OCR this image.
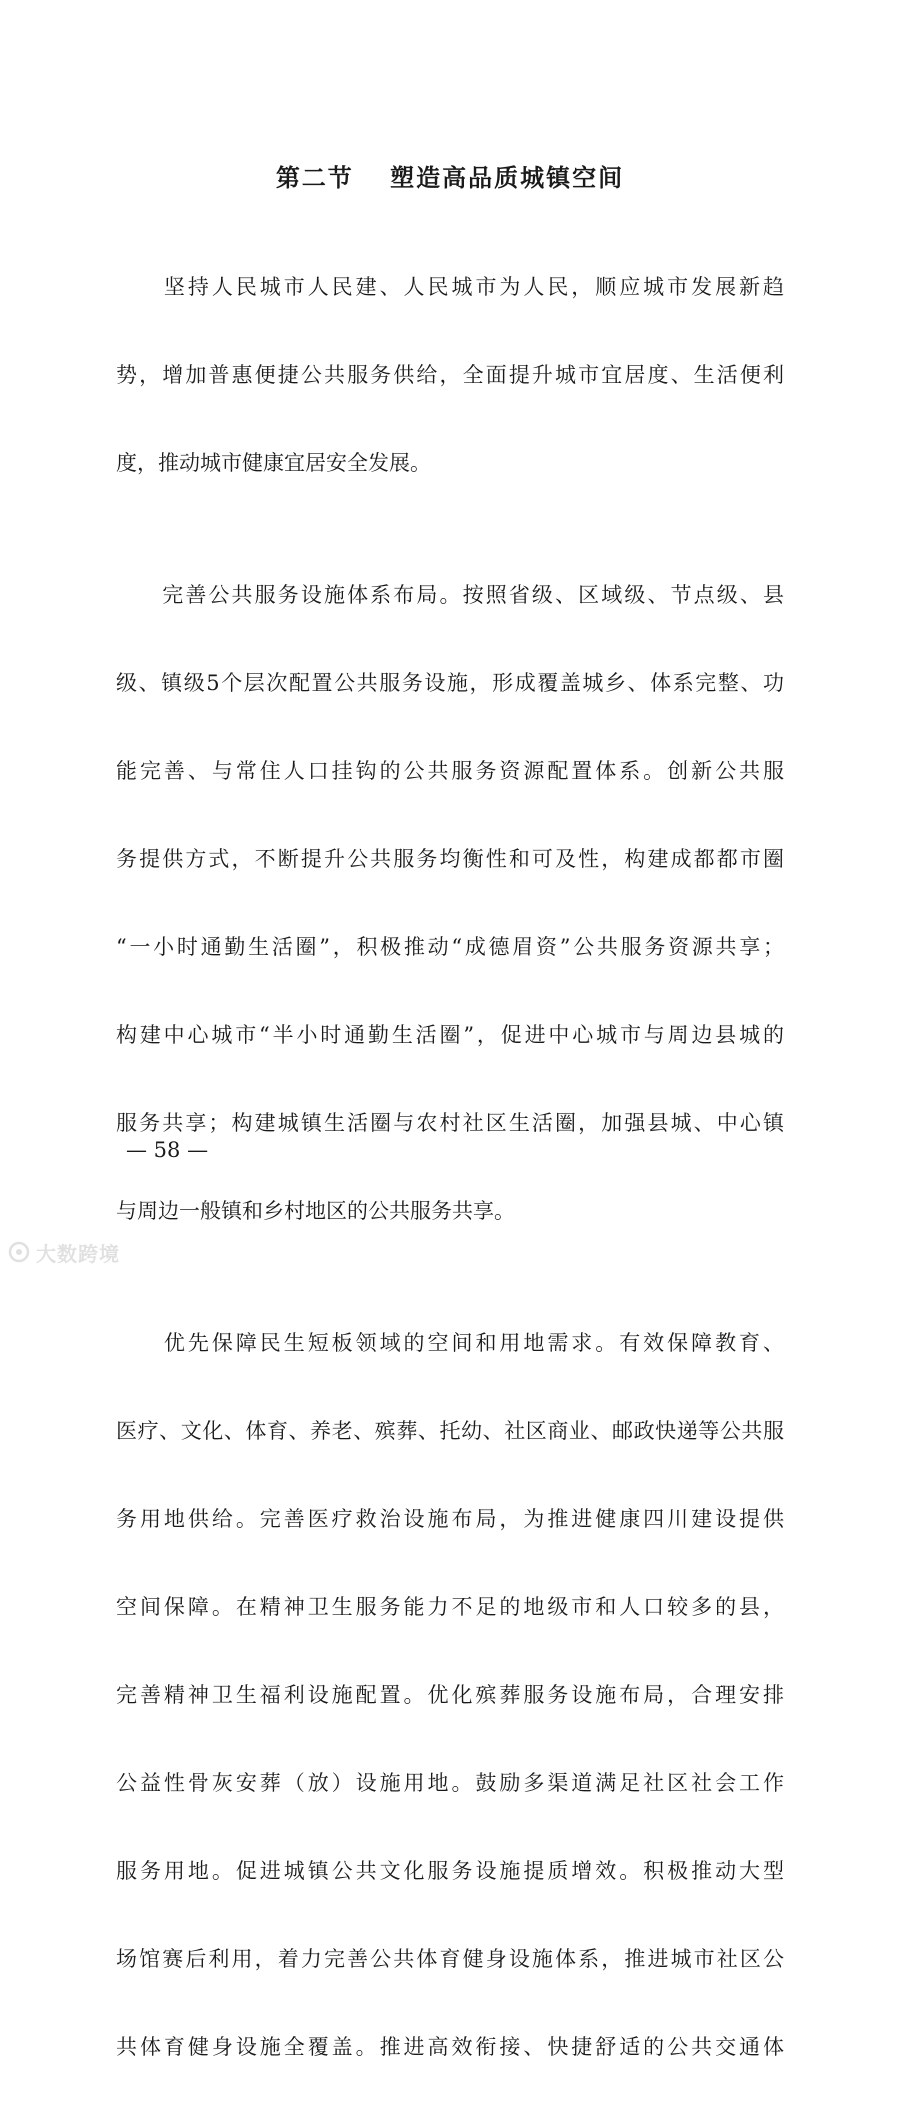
第二节 塑造高品质城镇空间

　　坚持人民城市人民建、人民城市为人民，顺应城市发展新趋

势，增加普惠便捷公共服务供给，全面提升城市宜居度、生活便利

度，推动城市健康宜居安全发展。

　　完善公共服务设施体系布局。按照省级、区域级、节点级、县

级、镇级5个层次配置公共服务设施，形成覆盖城乡、体系完整、功

能完善、与常住人口挂钩的公共服务资源配置体系。创新公共服

务提供方式，不断提升公共服务均衡性和可及性，构建成都都市圈

“一小时通勤生活圈”，积极推动“成德眉资”公共服务资源共享；

构建中心城市“半小时通勤生活圈”，促进中心城市与周边县城的

服务共享；构建城镇生活圈与农村社区生活圈，加强县城、中心镇

与周边一般镇和乡村地区的公共服务共享。

　　优先保障民生短板领域的空间和用地需求。有效保障教育、

医疗、文化、体育、养老、殡葬、托幼、社区商业、邮政快递等公共服

务用地供给。完善医疗救治设施布局，为推进健康四川建设提供

空间保障。在精神卫生服务能力不足的地级市和人口较多的县，

完善精神卫生福利设施配置。优化殡葬服务设施布局，合理安排

公益性骨灰安葬（放）设施用地。鼓励多渠道满足社区社会工作

服务用地。促进城镇公共文化服务设施提质增效。积极推动大型

场馆赛后利用，着力完善公共体育健身设施体系，推进城市社区公

共体育健身设施全覆盖。推进高效衔接、快捷舒适的公共交通体

— 58 —
大数跨境
